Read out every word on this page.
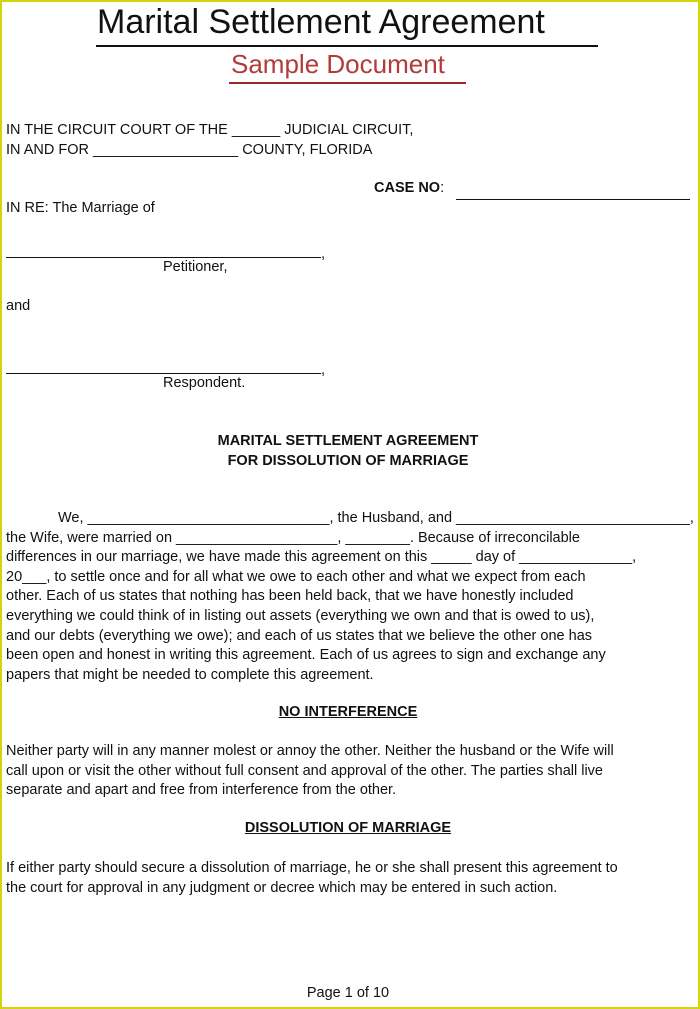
Marital Settlement Agreement
Sample Document
IN THE CIRCUIT COURT OF THE ______ JUDICIAL CIRCUIT,
IN AND FOR __________________ COUNTY, FLORIDA
CASE NO:
IN RE: The Marriage of
,
Petitioner,
and
,
Respondent.
MARITAL SETTLEMENT AGREEMENT
FOR DISSOLUTION OF MARRIAGE
We, ______________________________, the Husband, and _____________________________,
the Wife, were married on ____________________, ________. Because of irreconcilable
differences in our marriage, we have made this agreement on this _____ day of ______________,
20___, to settle once and for all what we owe to each other and what we expect from each
other. Each of us states that nothing has been held back, that we have honestly included
everything we could think of in listing out assets (everything we own and that is owed to us),
and our debts (everything we owe); and each of us states that we believe the other one has
been open and honest in writing this agreement. Each of us agrees to sign and exchange any
papers that might be needed to complete this agreement.
NO INTERFERENCE
Neither party will in any manner molest or annoy the other. Neither the husband or the Wife will
call upon or visit the other without full consent and approval of the other. The parties shall live
separate and apart and free from interference from the other.
DISSOLUTION OF MARRIAGE
If either party should secure a dissolution of marriage, he or she shall present this agreement to
the court for approval in any judgment or decree which may be entered in such action.
Page 1 of 10
